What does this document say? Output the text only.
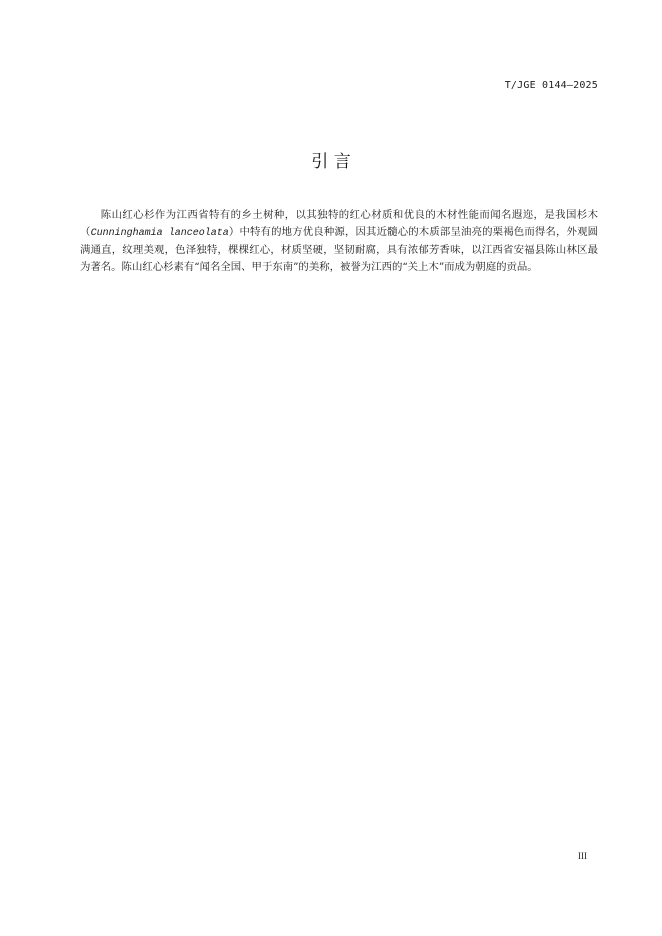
T/JGE 0144—2025
引 言

陈山红心杉作为江西省特有的乡土树种，以其独特的红心材质和优良的木材性能而闻名遐迩，是我国杉木（Cunninghamia lanceolata）中特有的地方优良种源，因其近髓心的木质部呈油亮的栗褐色而得名，外观圆满通直，纹理美观，色泽独特，棵棵红心，材质坚硬，坚韧耐腐，具有浓郁芳香味，以江西省安福县陈山林区最为著名。陈山红心杉素有“闻名全国、甲于东南”的美称，被誉为江西的“关上木”而成为朝庭的贡品。

III
